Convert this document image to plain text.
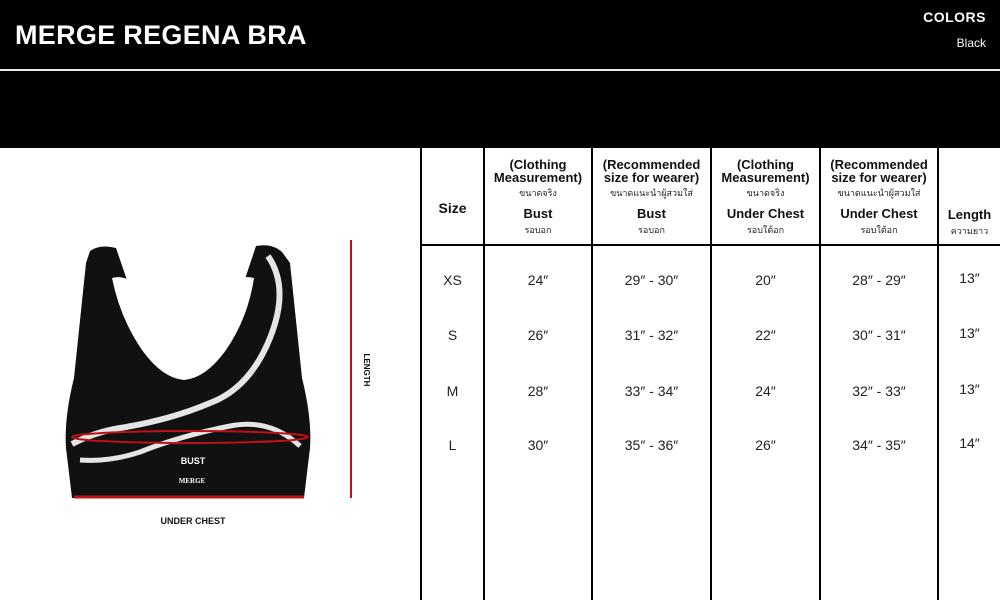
MERGE REGENA BRA
COLORS
Black
BUST
MERGE
UNDER CHEST
LENGTH
Size
(Clothing Measurement)
ขนาดจริง
Bust
รอบอก
(Recommended size for wearer)
ขนาดแนะนำผู้สวมใส่
Bust
รอบอก
(Clothing Measurement)
ขนาดจริง
Under Chest
รอบใต้อก
(Recommended size for wearer)
ขนาดแนะนำผู้สวมใส่
Under Chest
รอบใต้อก
Length
ความยาว
XS	24″	29″ - 30″	20″	28″ - 29″	13″
S	26″	31″ - 32″	22″	30″ - 31″	13″
M	28″	33″ - 34″	24″	32″ - 33″	13″
L	30″	35″ - 36″	26″	34″ - 35″	14″
